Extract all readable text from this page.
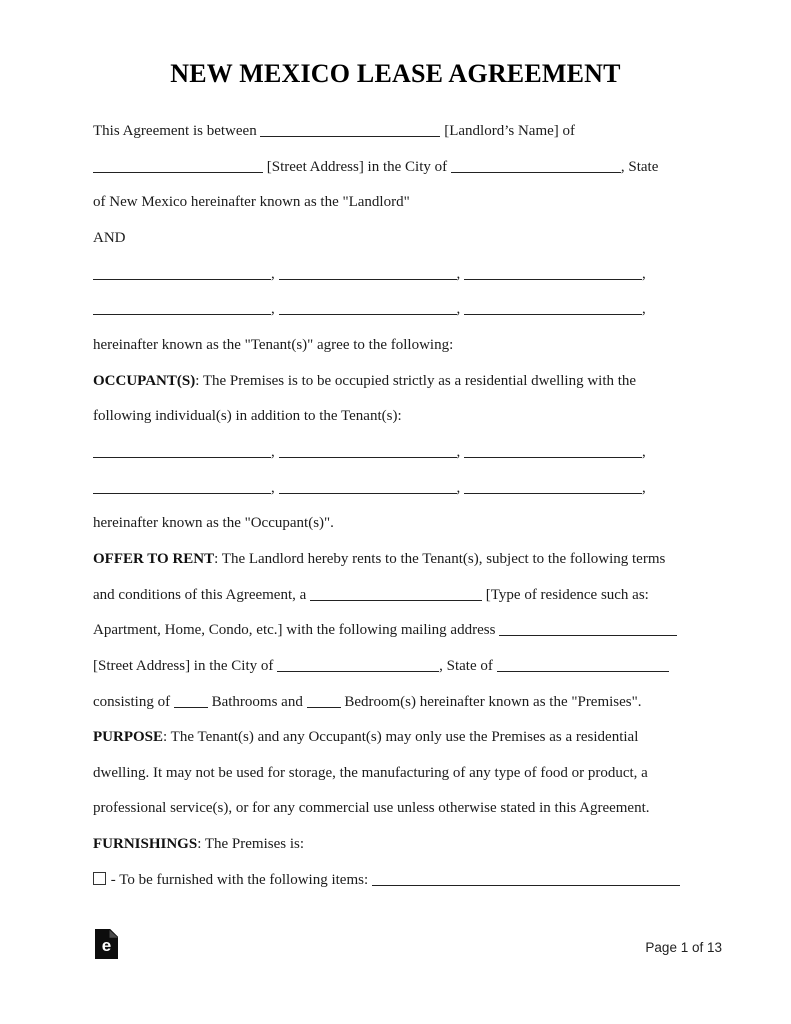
NEW MEXICO LEASE AGREEMENT
This Agreement is between	[Landlord’s Name] of
[Street Address] in the City of	, State
of New Mexico hereinafter known as the "Landlord"
AND
,	,	,
,	,	,
hereinafter known as the "Tenant(s)" agree to the following:
OCCUPANT(S): The Premises is to be occupied strictly as a residential dwelling with the
following individual(s) in addition to the Tenant(s):
,	,	,
,	,	,
hereinafter known as the "Occupant(s)".
OFFER TO RENT: The Landlord hereby rents to the Tenant(s), subject to the following terms
and conditions of this Agreement, a	[Type of residence such as:
Apartment, Home, Condo, etc.] with the following mailing address
[Street Address] in the City of	, State of
consisting of  Bathrooms and  Bedroom(s) hereinafter known as the "Premises".
PURPOSE: The Tenant(s) and any Occupant(s) may only use the Premises as a residential
dwelling. It may not be used for storage, the manufacturing of any type of food or product, a
professional service(s), or for any commercial use unless otherwise stated in this Agreement.
FURNISHINGS: The Premises is:
- To be furnished with the following items:
e	Page 1 of 13
